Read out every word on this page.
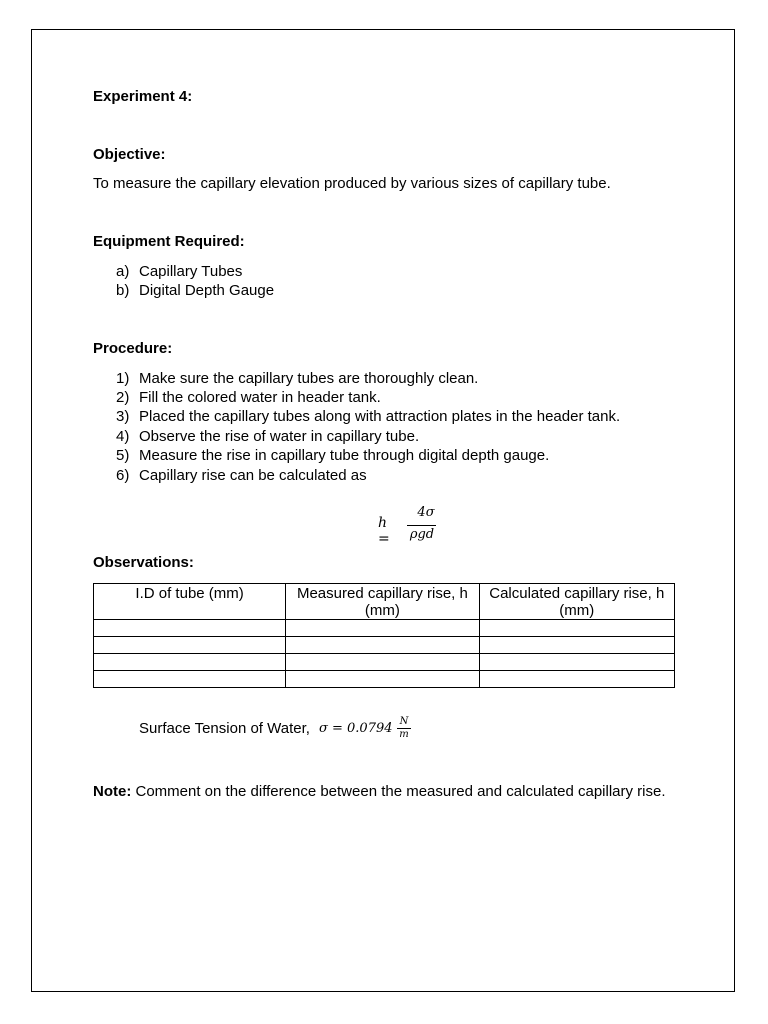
Experiment 4:
Objective:
To measure the capillary elevation produced by various sizes of capillary tube.
Equipment Required:
a) Capillary Tubes
b) Digital Depth Gauge
Procedure:
1) Make sure the capillary tubes are thoroughly clean.
2) Fill the colored water in header tank.
3) Placed the capillary tubes along with attraction plates in the header tank.
4) Observe the rise of water in capillary tube.
5) Measure the rise in capillary tube through digital depth gauge.
6) Capillary rise can be calculated as
h =
4σ
ρgd
Observations:
I.D of tube (mm)	Measured capillary rise, h (mm)	Calculated capillary rise, h (mm)

Surface Tension of Water, σ = 0.0794 N
m
Note: Comment on the difference between the measured and calculated capillary rise.
